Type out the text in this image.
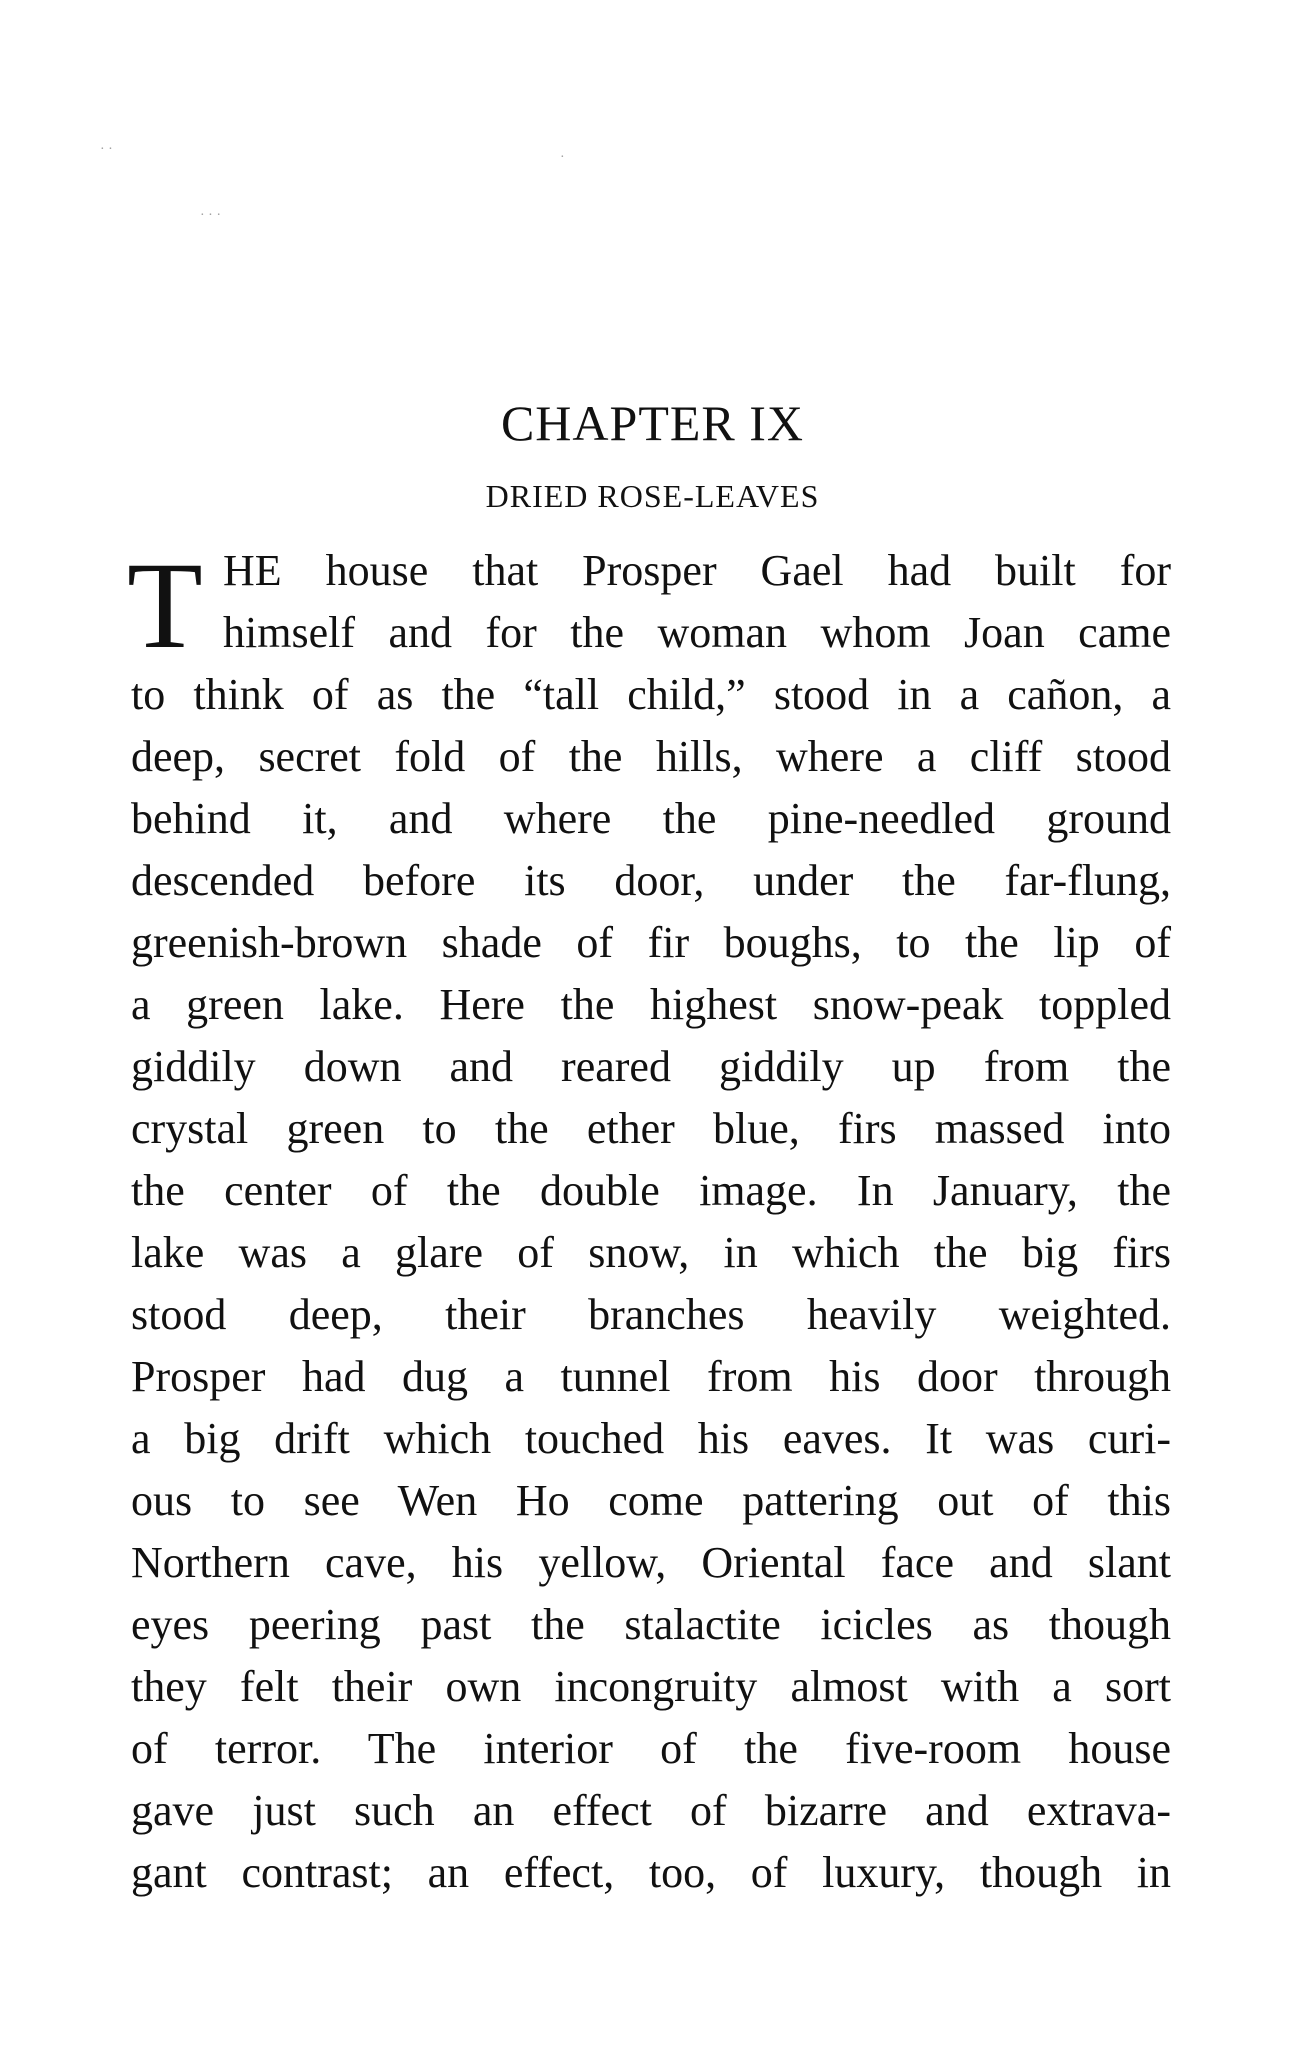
· ·
·
· · ·
CHAPTER IX
DRIED ROSE-LEAVES
T HE house that Prosper Gael had built for
himself and for the woman whom Joan came
to think of as the “tall child,” stood in a cañon, a
deep, secret fold of the hills, where a cliff stood
behind it, and where the pine-needled ground
descended before its door, under the far-flung,
greenish-brown shade of fir boughs, to the lip of
a green lake. Here the highest snow-peak toppled
giddily down and reared giddily up from the
crystal green to the ether blue, firs massed into
the center of the double image. In January, the
lake was a glare of snow, in which the big firs
stood deep, their branches heavily weighted.
Prosper had dug a tunnel from his door through
a big drift which touched his eaves. It was curi-
ous to see Wen Ho come pattering out of this
Northern cave, his yellow, Oriental face and slant
eyes peering past the stalactite icicles as though
they felt their own incongruity almost with a sort
of terror. The interior of the five-room house
gave just such an effect of bizarre and extrava-
gant contrast; an effect, too, of luxury, though in
